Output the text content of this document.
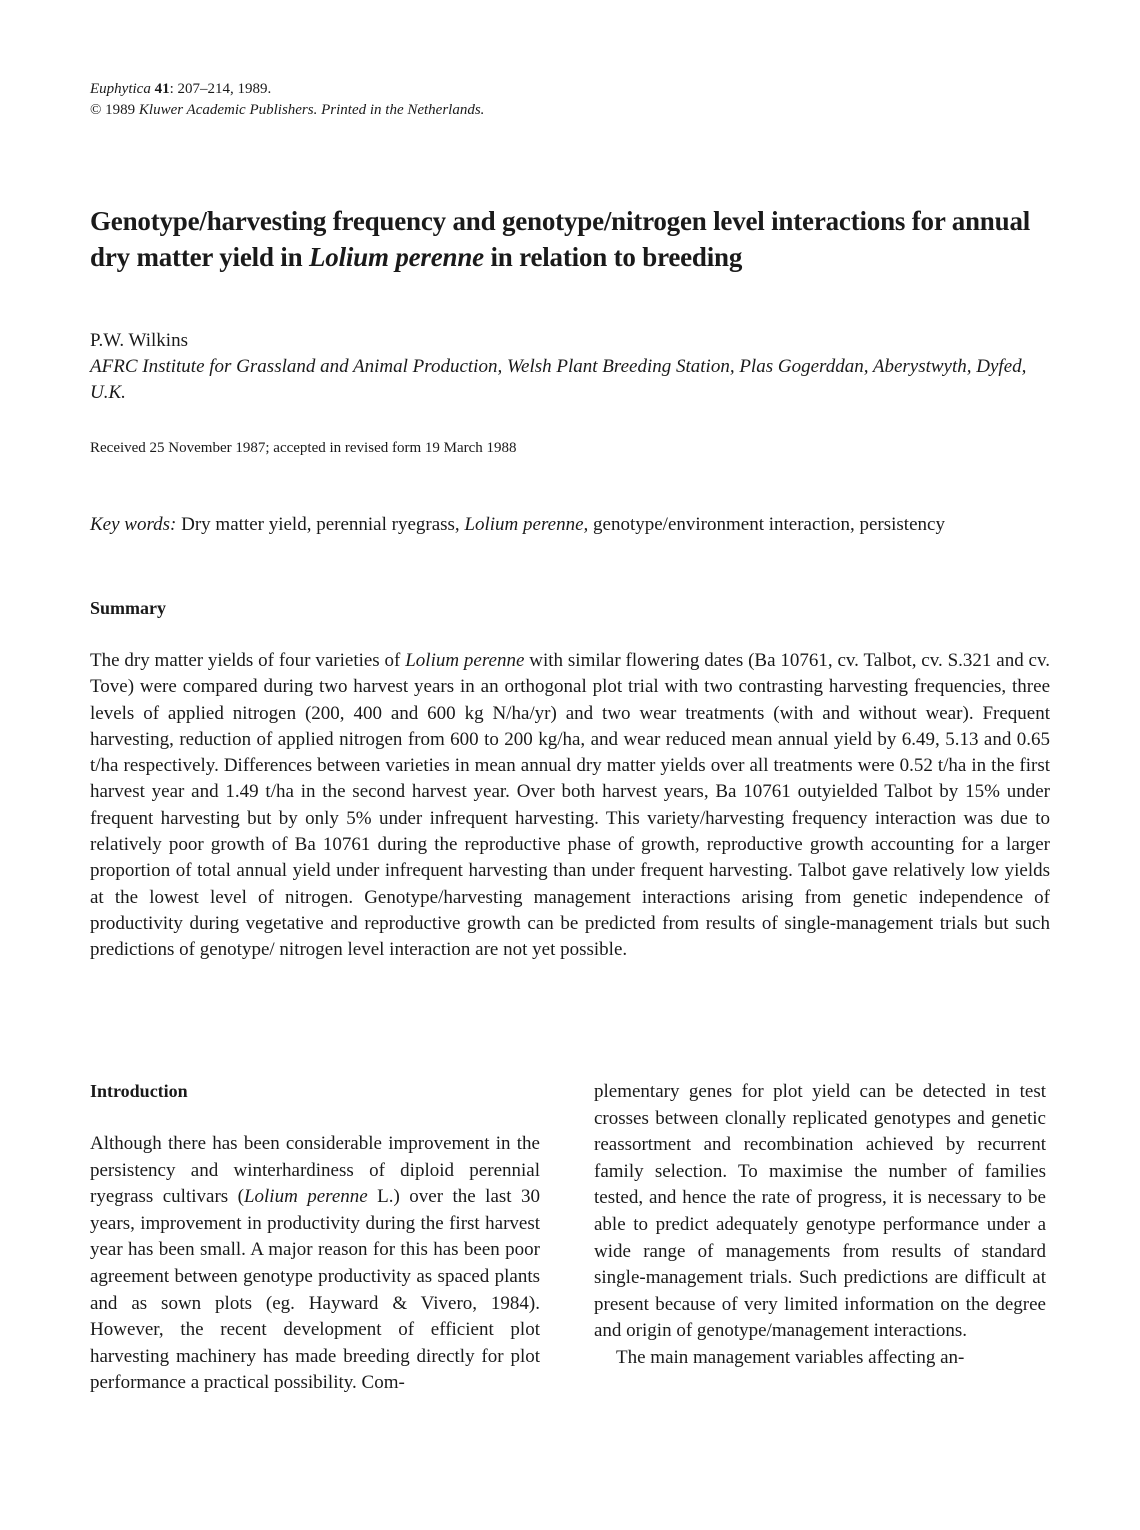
Euphytica 41: 207–214, 1989.
© 1989 Kluwer Academic Publishers. Printed in the Netherlands.
Genotype/harvesting frequency and genotype/nitrogen level interactions for annual dry matter yield in Lolium perenne in relation to breeding
P.W. Wilkins
AFRC Institute for Grassland and Animal Production, Welsh Plant Breeding Station, Plas Gogerddan, Aberystwyth, Dyfed, U.K.
Received 25 November 1987; accepted in revised form 19 March 1988
Key words: Dry matter yield, perennial ryegrass, Lolium perenne, genotype/environment interaction, persistency
Summary
The dry matter yields of four varieties of Lolium perenne with similar flowering dates (Ba 10761, cv. Talbot, cv. S.321 and cv. Tove) were compared during two harvest years in an orthogonal plot trial with two contrasting harvesting frequencies, three levels of applied nitrogen (200, 400 and 600 kg N/ha/yr) and two wear treatments (with and without wear). Frequent harvesting, reduction of applied nitrogen from 600 to 200 kg/ha, and wear reduced mean annual yield by 6.49, 5.13 and 0.65 t/ha respectively. Differences between varieties in mean annual dry matter yields over all treatments were 0.52 t/ha in the first harvest year and 1.49 t/ha in the second harvest year. Over both harvest years, Ba 10761 outyielded Talbot by 15% under frequent harvesting but by only 5% under infrequent harvesting. This variety/harvesting frequency interaction was due to relatively poor growth of Ba 10761 during the reproductive phase of growth, reproductive growth accounting for a larger proportion of total annual yield under infrequent harvesting than under frequent harvesting. Talbot gave relatively low yields at the lowest level of nitrogen. Genotype/harvesting management interactions arising from genetic independence of productivity during vegetative and reproductive growth can be predicted from results of single-management trials but such predictions of genotype/ nitrogen level interaction are not yet possible.
Introduction
Although there has been considerable improvement in the persistency and winterhardiness of diploid perennial ryegrass cultivars (Lolium perenne L.) over the last 30 years, improvement in productivity during the first harvest year has been small. A major reason for this has been poor agreement between genotype productivity as spaced plants and as sown plots (eg. Hayward & Vivero, 1984). However, the recent development of efficient plot harvesting machinery has made breeding directly for plot performance a practical possibility. Com-
plementary genes for plot yield can be detected in test crosses between clonally replicated genotypes and genetic reassortment and recombination achieved by recurrent family selection. To maximise the number of families tested, and hence the rate of progress, it is necessary to be able to predict adequately genotype performance under a wide range of managements from results of standard single-management trials. Such predictions are difficult at present because of very limited information on the degree and origin of genotype/management interactions.
The main management variables affecting an-
